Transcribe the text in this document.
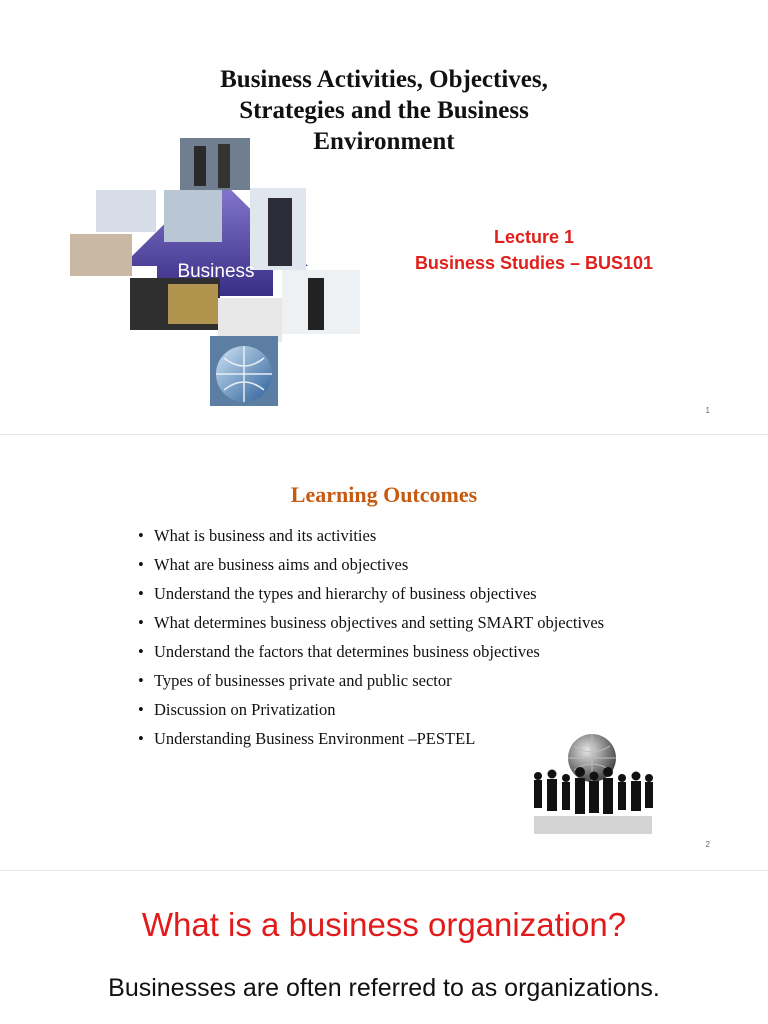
Business Activities, Objectives,
Strategies and the Business
Environment
Business
Lecture 1
Business Studies – BUS101
1
Learning Outcomes
• What is business and its activities
• What are business aims and objectives
• Understand the types and hierarchy of business objectives
• What determines business objectives and setting SMART objectives
• Understand the factors that determines business objectives
• Types of businesses private and public sector
• Discussion on Privatization
• Understanding Business Environment –PESTEL
2
What is a business organization?
Businesses are often referred to as organizations.
